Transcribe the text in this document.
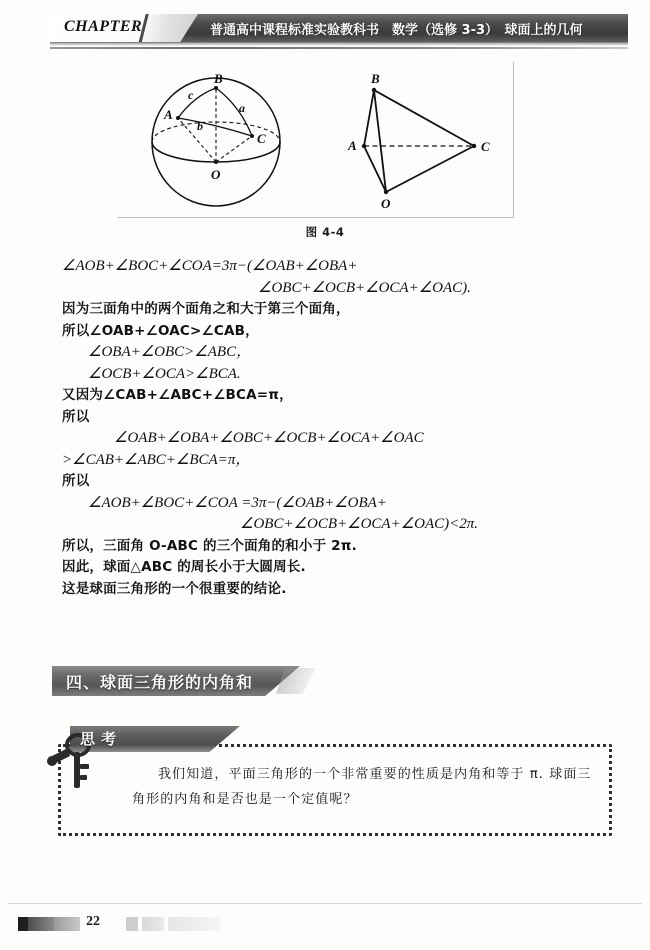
CHAPTER	普通高中课程标准实验教科书　数学（选修 3-3）　球面上的几何
B
A
C
O
a
b
c
B
A	C
O
图 4-4
∠AOB+∠BOC+∠COA=3π−(∠OAB+∠OBA+
∠OBC+∠OCB+∠OCA+∠OAC).
因为三面角中的两个面角之和大于第三个面角，
所以∠OAB+∠OAC>∠CAB，
∠OBA+∠OBC>∠ABC，
∠OCB+∠OCA>∠BCA.
又因为∠CAB+∠ABC+∠BCA=π，
所以
∠OAB+∠OBA+∠OBC+∠OCB+∠OCA+∠OAC
>∠CAB+∠ABC+∠BCA=π，
所以
∠AOB+∠BOC+∠COA =3π−(∠OAB+∠OBA+
∠OBC+∠OCB+∠OCA+∠OAC)<2π.
所以，三面角 O-ABC 的三个面角的和小于 2π.
因此，球面△ABC 的周长小于大圆周长.
这是球面三角形的一个很重要的结论.
四、球面三角形的内角和
思考
我们知道，平面三角形的一个非常重要的性质是内角和等于 π. 球面三角形的内角和是否也是一个定值呢？
22
